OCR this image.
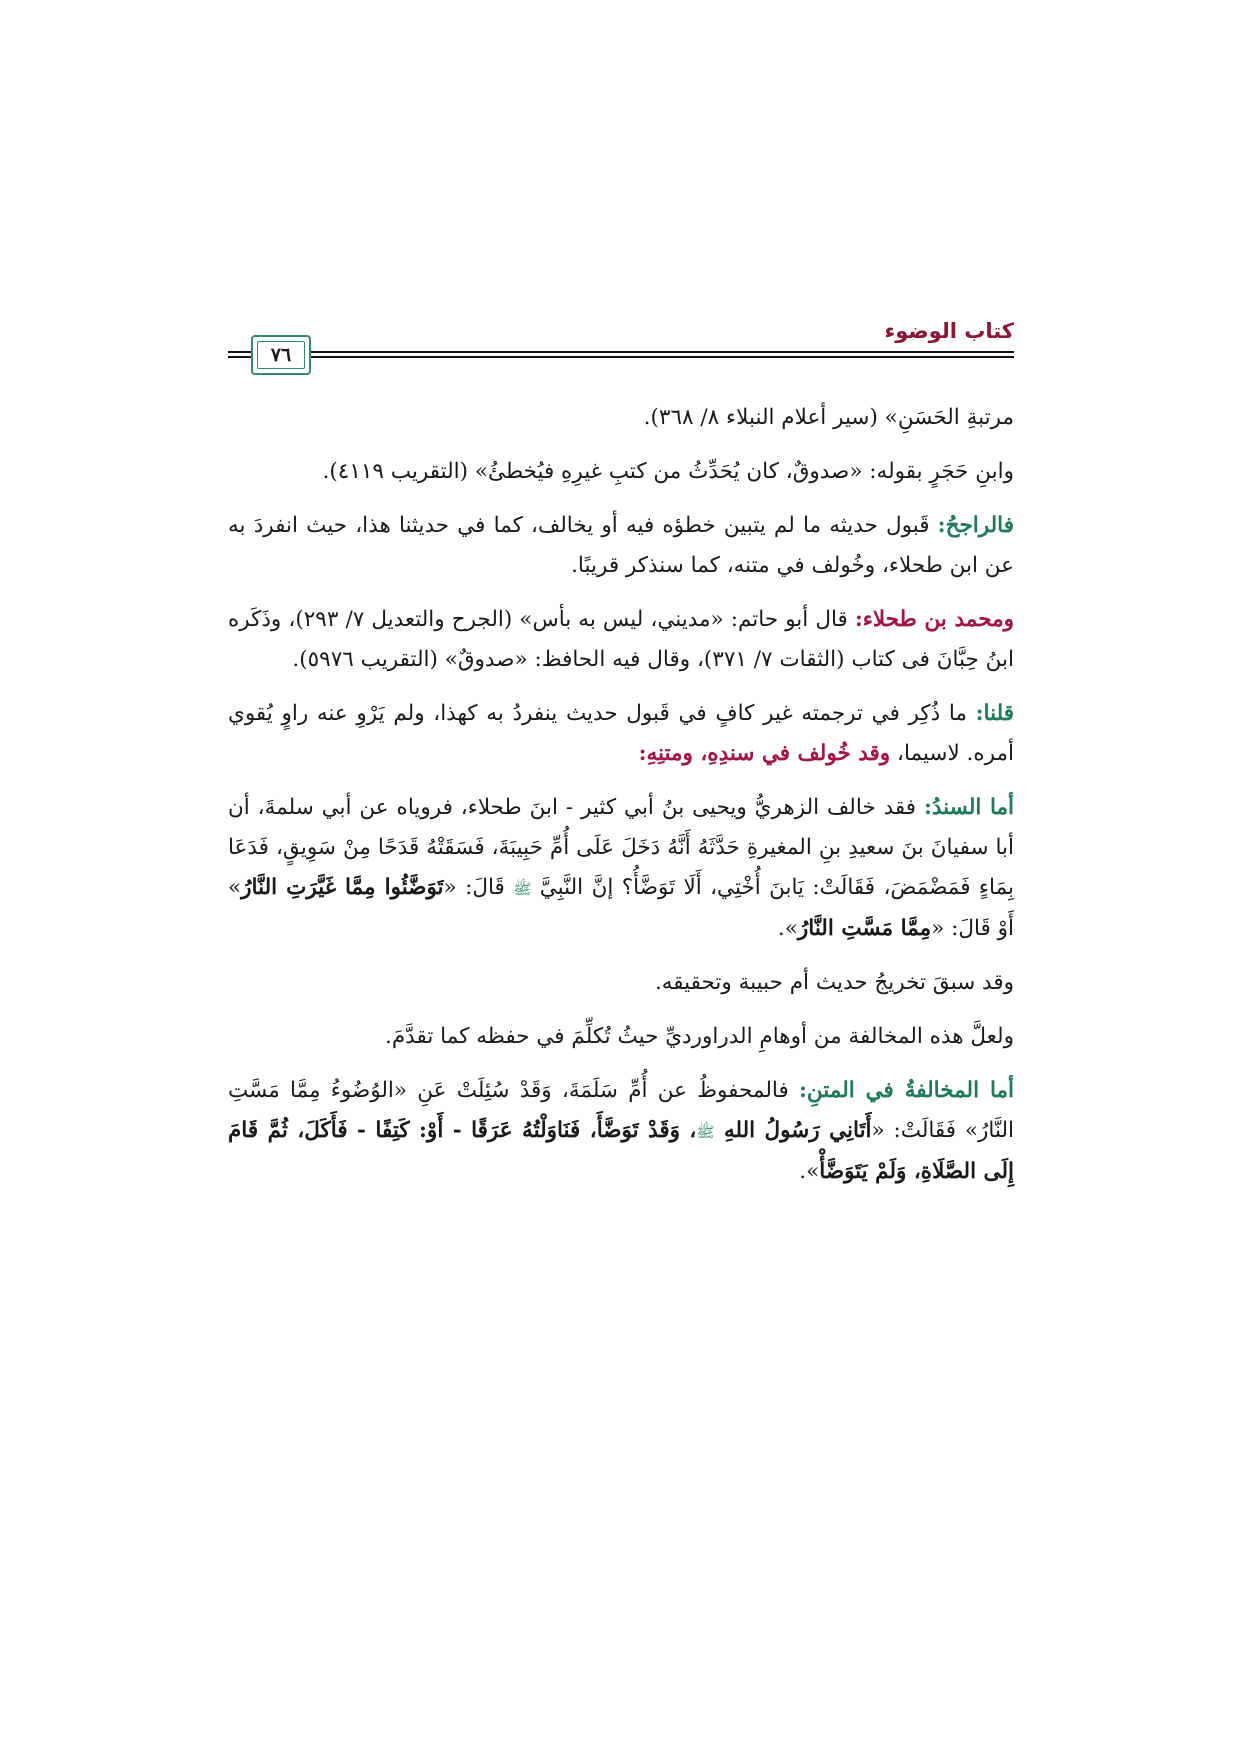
كتاب الوضوء
٧٦

مرتبةِ الحَسَنِ» (سير أعلام النبلاء ٨/ ٣٦٨).

وابنِ حَجَرٍ بقوله: «صدوقٌ، كان يُحَدِّثُ من كتبِ غيرِهِ فيُخطئُ» (التقريب ٤١١٩).

فالراجحُ: قَبول حديثه ما لم يتبين خطؤه فيه أو يخالف، كما في حديثنا هذا، حيث انفردَ به عن ابن طحلاء، وخُولف في متنه، كما سنذكر قريبًا.

ومحمد بن طحلاء: قال أبو حاتم: «مديني، ليس به بأس» (الجرح والتعديل ٧/ ٢٩٣)، وذَكَره ابنُ حِبَّانَ فى كتاب (الثقات ٧/ ٣٧١)، وقال فيه الحافظ: «صدوقٌ» (التقريب ٥٩٧٦).

قلنا: ما ذُكِر في ترجمته غير كافٍ في قَبول حديث ينفردُ به كهذا، ولم يَرْوِ عنه راوٍ يُقوي أمره. لاسيما، وقد خُولف في سندِهِ، ومتنِهِ:

أما السندُ: فقد خالف الزهريُّ ويحيى بنُ أبي كثير - ابنَ طحلاء، فروياه عن أبي سلمةَ، أن أبا سفيانَ بنَ سعيدِ بنِ المغيرةِ حَدَّثَهُ أَنَّهُ دَخَلَ عَلَى أُمِّ حَبِيبَةَ، فَسَقَتْهُ قَدَحًا مِنْ سَوِيقٍ، فَدَعَا بِمَاءٍ فَمَضْمَضَ، فَقَالَتْ: يَابنَ أُخْتِي، أَلَا تَوَضَّأُ؟ إنَّ النَّبِيَّ ﷺ قَالَ: «تَوَضَّئُوا مِمَّا غَيَّرَتِ النَّارُ» أَوْ قَالَ: «مِمَّا مَسَّتِ النَّارُ».

وقد سبقَ تخريجُ حديث أم حبيبة وتحقيقه.

ولعلَّ هذه المخالفة من أوهامِ الدراورديِّ حيثُ تُكلِّمَ في حفظه كما تقدَّمَ.

أما المخالفةُ في المتنِ: فالمحفوظُ عن أُمِّ سَلَمَةَ، وَقَدْ سُئِلَتْ عَنِ «الوُضُوءُ مِمَّا مَسَّتِ النَّارُ» فَقَالَتْ: «أَتَانِي رَسُولُ اللهِ ﷺ، وَقَدْ تَوَضَّأَ، فَنَاوَلْتُهُ عَرَقًا - أَوْ: كَتِفًا - فَأَكَلَ، ثُمَّ قَامَ إِلَى الصَّلَاةِ، وَلَمْ يَتَوَضَّأْ».
